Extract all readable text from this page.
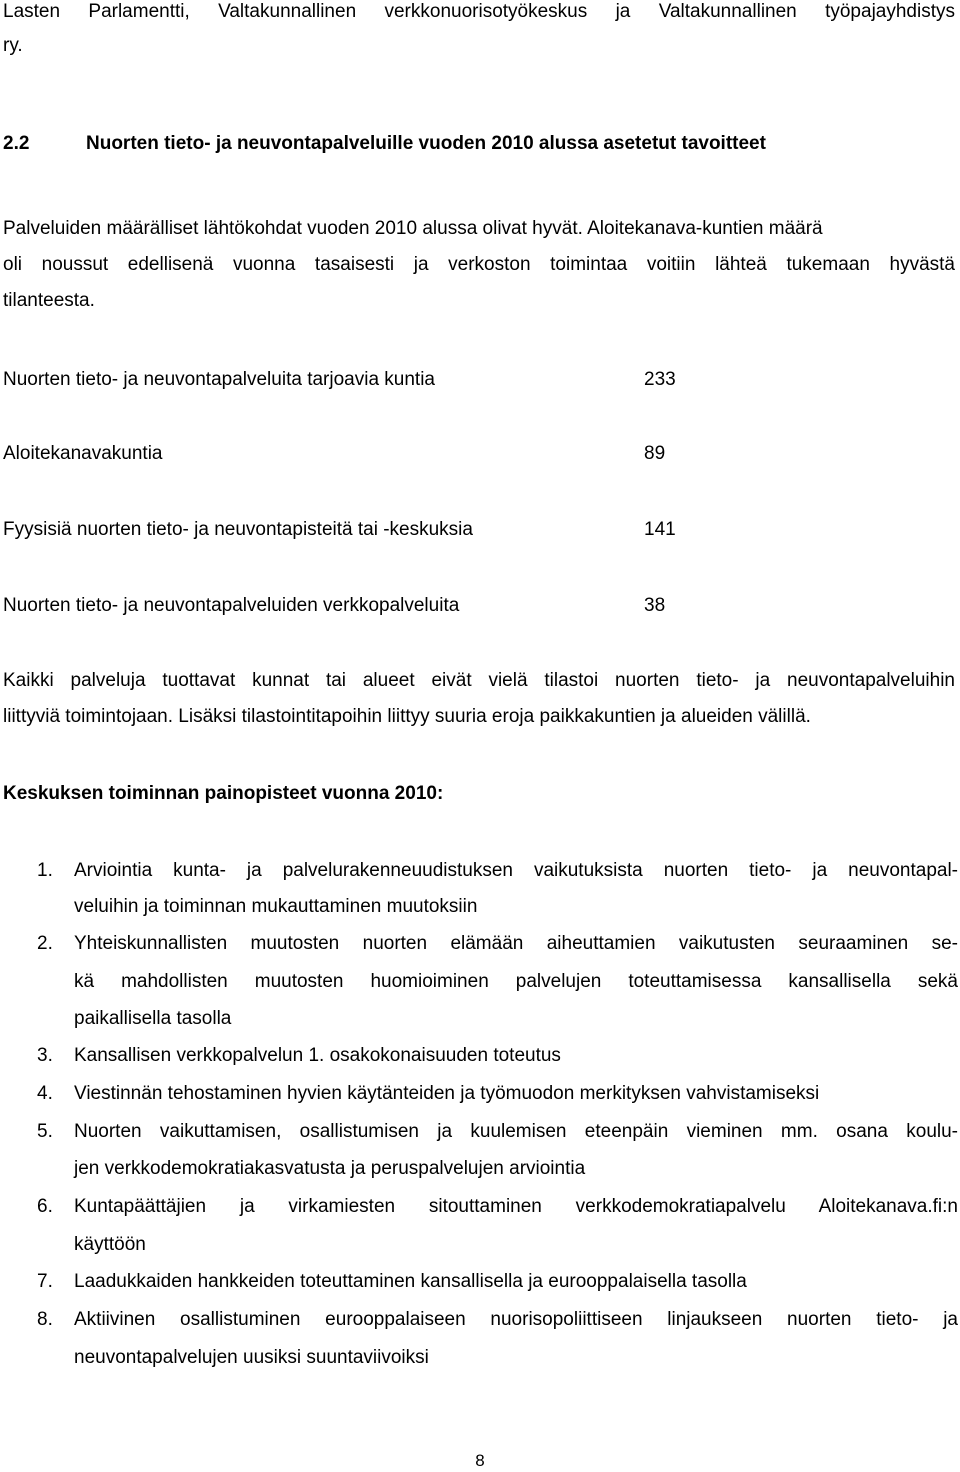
Lasten Parlamentti, Valtakunnallinen verkkonuorisotyökeskus ja Valtakunnallinen työpajayhdistys
ry.
2.2	Nuorten tieto- ja neuvontapalveluille vuoden 2010 alussa asetetut tavoitteet
Palveluiden määrälliset lähtökohdat vuoden 2010 alussa olivat hyvät. Aloitekanava-kuntien määrä
oli noussut edellisenä vuonna tasaisesti ja verkoston toimintaa voitiin lähteä tukemaan hyvästä
tilanteesta.
Nuorten tieto- ja neuvontapalveluita tarjoavia kuntia	233
Aloitekanavakuntia	89
Fyysisiä nuorten tieto- ja neuvontapisteitä tai -keskuksia	141
Nuorten tieto- ja neuvontapalveluiden verkkopalveluita	38
Kaikki palveluja tuottavat kunnat tai alueet eivät vielä tilastoi nuorten tieto- ja neuvontapalveluihin
liittyviä toimintojaan. Lisäksi tilastointitapoihin liittyy suuria eroja paikkakuntien ja alueiden välillä.
Keskuksen toiminnan painopisteet vuonna 2010:
1. Arviointia kunta- ja palvelurakenneuudistuksen vaikutuksista nuorten tieto- ja neuvontapal-
veluihin ja toiminnan mukauttaminen muutoksiin
2. Yhteiskunnallisten muutosten nuorten elämään aiheuttamien vaikutusten seuraaminen se-
kä mahdollisten muutosten huomioiminen palvelujen toteuttamisessa kansallisella sekä
paikallisella tasolla
3. Kansallisen verkkopalvelun 1. osakokonaisuuden toteutus
4. Viestinnän tehostaminen hyvien käytänteiden ja työmuodon merkityksen vahvistamiseksi
5. Nuorten vaikuttamisen, osallistumisen ja kuulemisen eteenpäin vieminen mm. osana koulu-
jen verkkodemokratiakasvatusta ja peruspalvelujen arviointia
6. Kuntapäättäjien ja virkamiesten sitouttaminen verkkodemokratiapalvelu Aloitekanava.fi:n
käyttöön
7. Laadukkaiden hankkeiden toteuttaminen kansallisella ja eurooppalaisella tasolla
8. Aktiivinen osallistuminen eurooppalaiseen nuorisopoliittiseen linjaukseen nuorten tieto- ja
neuvontapalvelujen uusiksi suuntaviivoiksi
8
